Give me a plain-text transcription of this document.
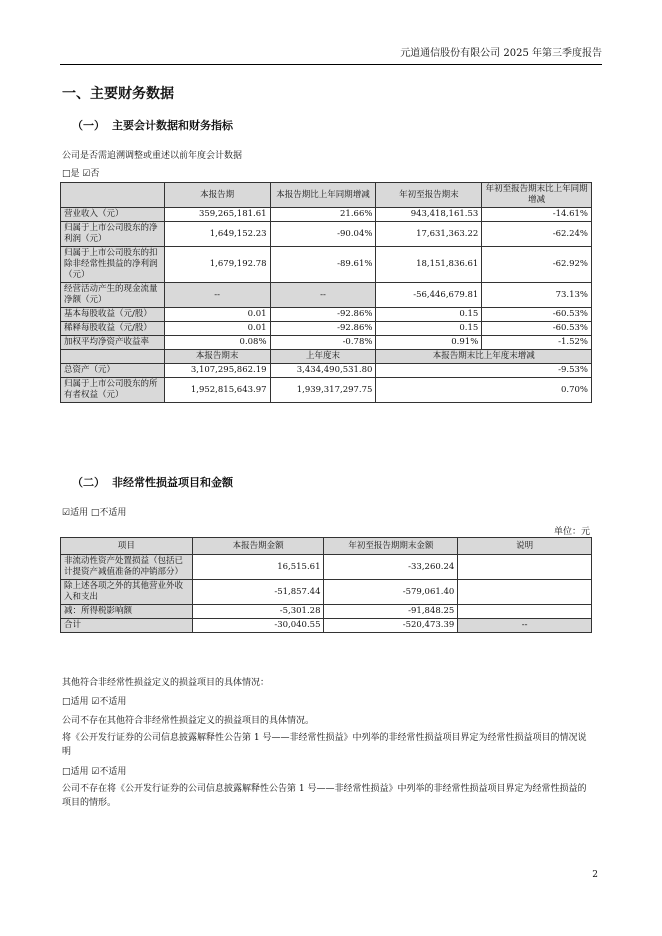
元道通信股份有限公司 2025 年第三季度报告
一、主要财务数据
（一） 主要会计数据和财务指标
公司是否需追溯调整或重述以前年度会计数据
□是 ☑否
	本报告期	本报告期比上年同期增减	年初至报告期末	年初至报告期末比上年同期增减
营业收入（元）	359,265,181.61	21.66%	943,418,161.53	-14.61%
归属于上市公司股东的净利润（元）	1,649,152.23	-90.04%	17,631,363.22	-62.24%
归属于上市公司股东的扣除非经常性损益的净利润（元）	1,679,192.78	-89.61%	18,151,836.61	-62.92%
经营活动产生的现金流量净额（元）	--	--	-56,446,679.81	73.13%
基本每股收益（元/股）	0.01	-92.86%	0.15	-60.53%
稀释每股收益（元/股）	0.01	-92.86%	0.15	-60.53%
加权平均净资产收益率	0.08%	-0.78%	0.91%	-1.52%
	本报告期末	上年度末	本报告期末比上年度末增减	
总资产（元）	3,107,295,862.19	3,434,490,531.80	-9.53%	
归属于上市公司股东的所有者权益（元）	1,952,815,643.97	1,939,317,297.75	0.70%	
（二） 非经常性损益项目和金额
☑适用 □不适用
单位：元
项目	本报告期金额	年初至报告期期末金额	说明
非流动性资产处置损益（包括已计提资产减值准备的冲销部分）	16,515.61	-33,260.24	
除上述各项之外的其他营业外收入和支出	-51,857.44	-579,061.40	
减：所得税影响额	-5,301.28	-91,848.25	
合计	-30,040.55	-520,473.39	--
其他符合非经常性损益定义的损益项目的具体情况：
□适用 ☑不适用
公司不存在其他符合非经常性损益定义的损益项目的具体情况。
将《公开发行证券的公司信息披露解释性公告第 1 号——非经常性损益》中列举的非经常性损益项目界定为经常性损益项目的情况说明
□适用 ☑不适用
公司不存在将《公开发行证券的公司信息披露解释性公告第 1 号——非经常性损益》中列举的非经常性损益项目界定为经常性损益的项目的情形。
2
